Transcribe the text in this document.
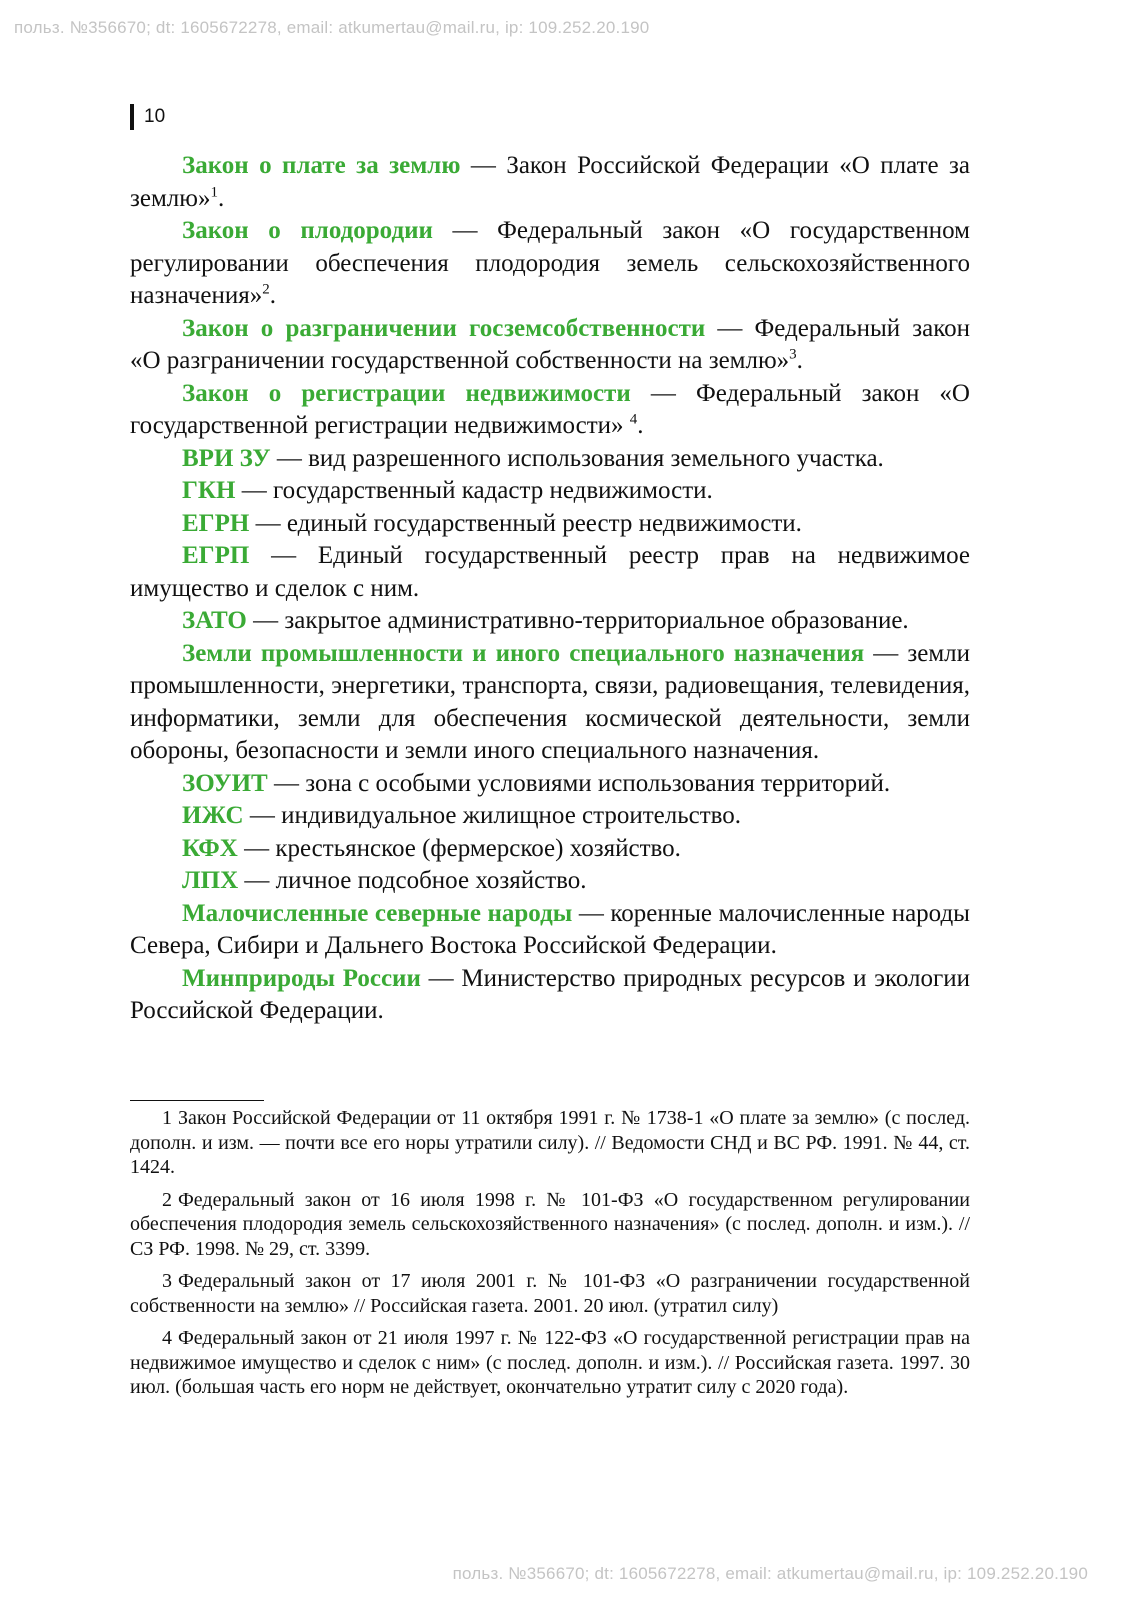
польз. №356670; dt: 1605672278, email: atkumertau@mail.ru, ip: 109.252.20.190
10

Закон о плате за землю — Закон Российской Федерации «О плате за землю»$^1$.

Закон о плодородии — Федеральный закон «О государственном регулировании обеспечения плодородия земель сельскохозяйственного назначения»$^2$.

Закон о разграничении госземсобственности — Федеральный закон «О разграничении государственной собственности на землю»$^3$.

Закон о регистрации недвижимости — Федеральный закон «О государственной регистрации недвижимости» $^4$.

ВРИ ЗУ — вид разрешенного использования земельного участка.

ГКН — государственный кадастр недвижимости.

ЕГРН — единый государственный реестр недвижимости.

ЕГРП — Единый государственный реестр прав на недвижимое имущество и сделок с ним.

ЗАТО — закрытое административно-территориальное образование.

Земли промышленности и иного специального назначения — земли промышленности, энергетики, транспорта, связи, радиовещания, телевидения, информатики, земли для обеспечения космической деятельности, земли обороны, безопасности и земли иного специального назначения.

ЗОУИТ — зона с особыми условиями использования территорий.

ИЖС — индивидуальное жилищное строительство.

КФХ — крестьянское (фермерское) хозяйство.

ЛПХ — личное подсобное хозяйство.

Малочисленные северные народы — коренные малочисленные народы Севера, Сибири и Дальнего Востока Российской Федерации.

Минприроды России — Министерство природных ресурсов и экологии Российской Федерации.

1 Закон Российской Федерации от 11 октября 1991 г. № 1738-1 «О плате за землю» (с послед. дополн. и изм. — почти все его норы утратили силу). // Ведомости СНД и ВС РФ. 1991. № 44, ст. 1424.

2 Федеральный закон от 16 июля 1998 г. № 101-ФЗ «О государственном регулировании обеспечения плодородия земель сельскохозяйственного назначения» (с послед. дополн. и изм.). // СЗ РФ. 1998. № 29, ст. 3399.

3 Федеральный закон от 17 июля 2001 г. № 101-ФЗ «О разграничении государственной собственности на землю» // Российская газета. 2001. 20 июл. (утратил силу)

4 Федеральный закон от 21 июля 1997 г. № 122-ФЗ «О государственной регистрации прав на недвижимое имущество и сделок с ним» (с послед. дополн. и изм.). // Российская газета. 1997. 30 июл. (большая часть его норм не действует, окончательно утратит силу с 2020 года).

польз. №356670; dt: 1605672278, email: atkumertau@mail.ru, ip: 109.252.20.190
